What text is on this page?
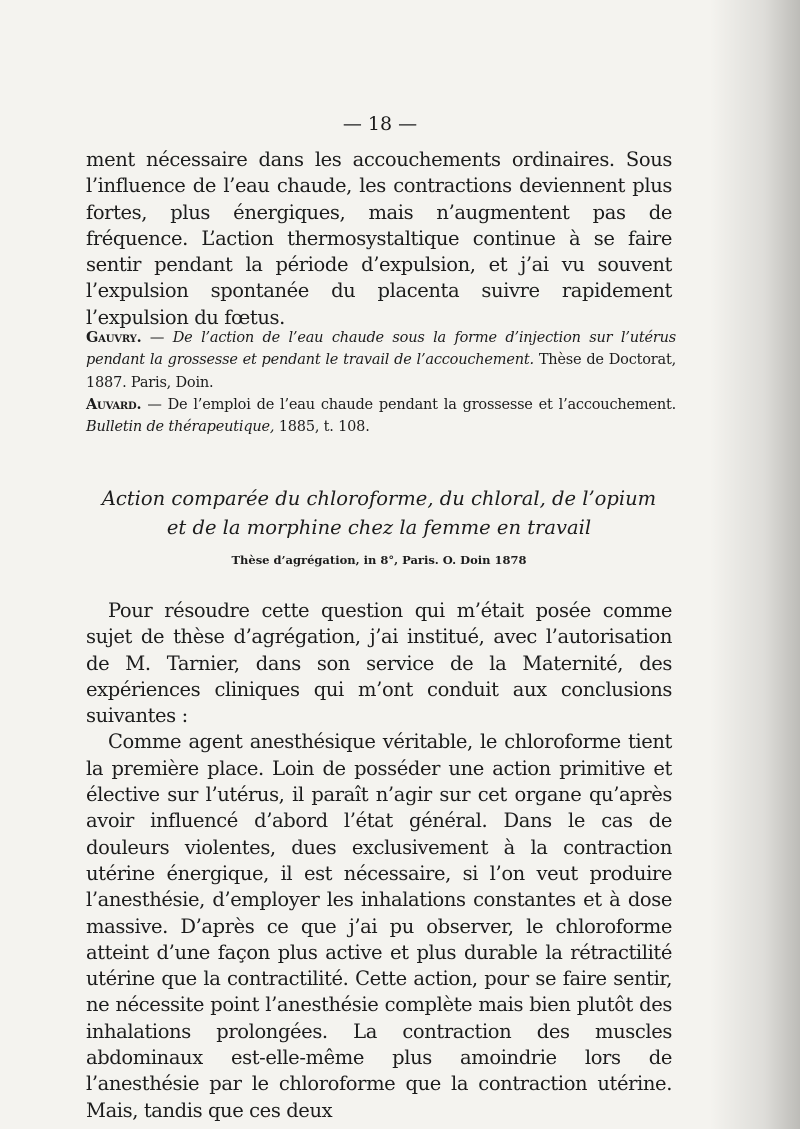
— 18 —

ment nécessaire dans les accouchements ordinaires. Sous l’influence de l’eau chaude, les contractions deviennent plus fortes, plus énergiques, mais n’augmentent pas de fréquence. L’action thermosystaltique continue à se faire sentir pendant la période d’expulsion, et j’ai vu souvent l’expulsion spontanée du placenta suivre rapidement l’expulsion du fœtus.

Gauvry. — De l’action de l’eau chaude sous la forme d’injection sur l’utérus pendant la grossesse et pendant le travail de l’accouchement. Thèse de Doctorat, 1887. Paris, Doin.

Auvard. — De l’emploi de l’eau chaude pendant la grossesse et l’accouchement. Bulletin de thérapeutique, 1885, t. 108.

Action comparée du chloroforme, du chloral, de l’opium
et de la morphine chez la femme en travail
Thèse d’agrégation, in 8°, Paris. O. Doin 1878

Pour résoudre cette question qui m’était posée comme sujet de thèse d’agrégation, j’ai institué, avec l’autorisation de M. Tarnier, dans son service de la Maternité, des expériences cliniques qui m’ont conduit aux conclusions suivantes :

Comme agent anesthésique véritable, le chloroforme tient la première place. Loin de posséder une action primitive et élective sur l’utérus, il paraît n’agir sur cet organe qu’après avoir influencé d’abord l’état général. Dans le cas de douleurs violentes, dues exclusivement à la contraction utérine énergique, il est nécessaire, si l’on veut produire l’anesthésie, d’employer les inhalations constantes et à dose massive. D’après ce que j’ai pu observer, le chloroforme atteint d’une façon plus active et plus durable la rétractilité utérine que la contractilité. Cette action, pour se faire sentir, ne nécessite point l’anesthésie complète mais bien plutôt des inhalations prolongées. La contraction des muscles abdominaux est-elle-même plus amoindrie lors de l’anesthésie par le chloroforme que la contraction utérine. Mais, tandis que ces deux
